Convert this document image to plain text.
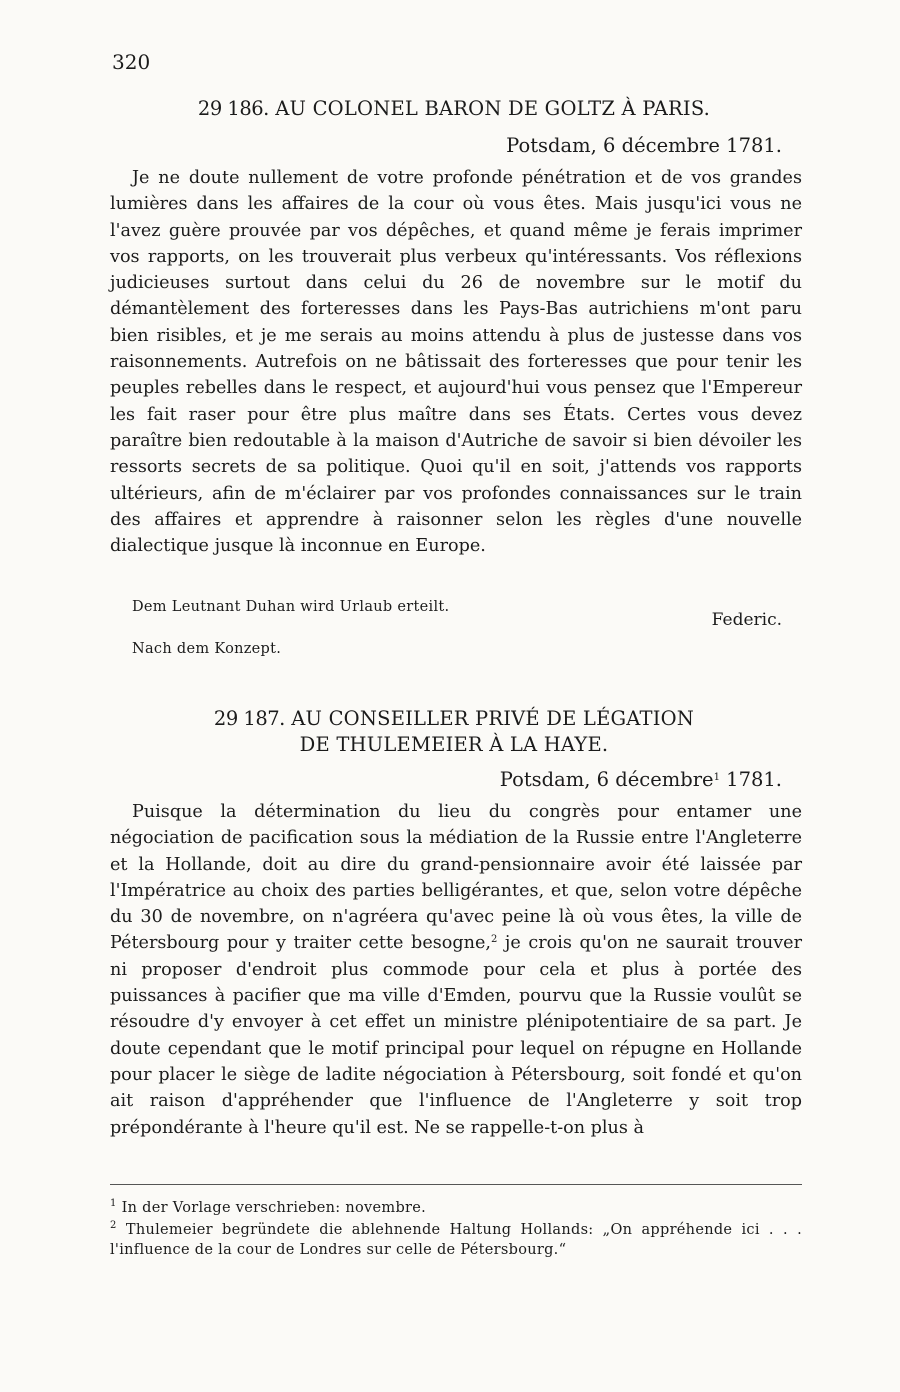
320
29 186. AU COLONEL BARON DE GOLTZ À PARIS.
Potsdam, 6 décembre 1781.

Je ne doute nullement de votre profonde pénétration et de vos grandes lumières dans les affaires de la cour où vous êtes. Mais jusqu'ici vous ne l'avez guère prouvée par vos dépêches, et quand même je ferais imprimer vos rapports, on les trouverait plus verbeux qu'intéressants. Vos réflexions judicieuses surtout dans celui du 26 de novembre sur le motif du démantèlement des forteresses dans les Pays-Bas autrichiens m'ont paru bien risibles, et je me serais au moins attendu à plus de justesse dans vos raisonnements. Autrefois on ne bâtissait des forteresses que pour tenir les peuples rebelles dans le respect, et aujourd'hui vous pensez que l'Empereur les fait raser pour être plus maître dans ses États. Certes vous devez paraître bien redoutable à la maison d'Autriche de savoir si bien dévoiler les ressorts secrets de sa politique. Quoi qu'il en soit, j'attends vos rapports ultérieurs, afin de m'éclairer par vos profondes connaissances sur le train des affaires et apprendre à raisonner selon les règles d'une nouvelle dialectique jusque là inconnue en Europe.

Dem Leutnant Duhan wird Urlaub erteilt.
Federic.
Nach dem Konzept.
29 187. AU CONSEILLER PRIVÉ DE LÉGATION
DE THULEMEIER À LA HAYE.
Potsdam, 6 décembre$^1$ 1781.

Puisque la détermination du lieu du congrès pour entamer une négociation de pacification sous la médiation de la Russie entre l'Angleterre et la Hollande, doit au dire du grand-pensionnaire avoir été laissée par l'Impératrice au choix des parties belligérantes, et que, selon votre dépêche du 30 de novembre, on n'agréera qu'avec peine là où vous êtes, la ville de Pétersbourg pour y traiter cette besogne,$^2$ je crois qu'on ne saurait trouver ni proposer d'endroit plus commode pour cela et plus à portée des puissances à pacifier que ma ville d'Emden, pourvu que la Russie voulût se résoudre d'y envoyer à cet effet un ministre plénipotentiaire de sa part. Je doute cependant que le motif principal pour lequel on répugne en Hollande pour placer le siège de ladite négociation à Pétersbourg, soit fondé et qu'on ait raison d'appréhender que l'influence de l'Angleterre y soit trop prépondérante à l'heure qu'il est. Ne se rappelle-t-on plus à

$^1$ In der Vorlage verschrieben: novembre.
$^2$ Thulemeier begründete die ablehnende Haltung Hollands: „On appréhende ici . . . l'influence de la cour de Londres sur celle de Pétersbourg.“
